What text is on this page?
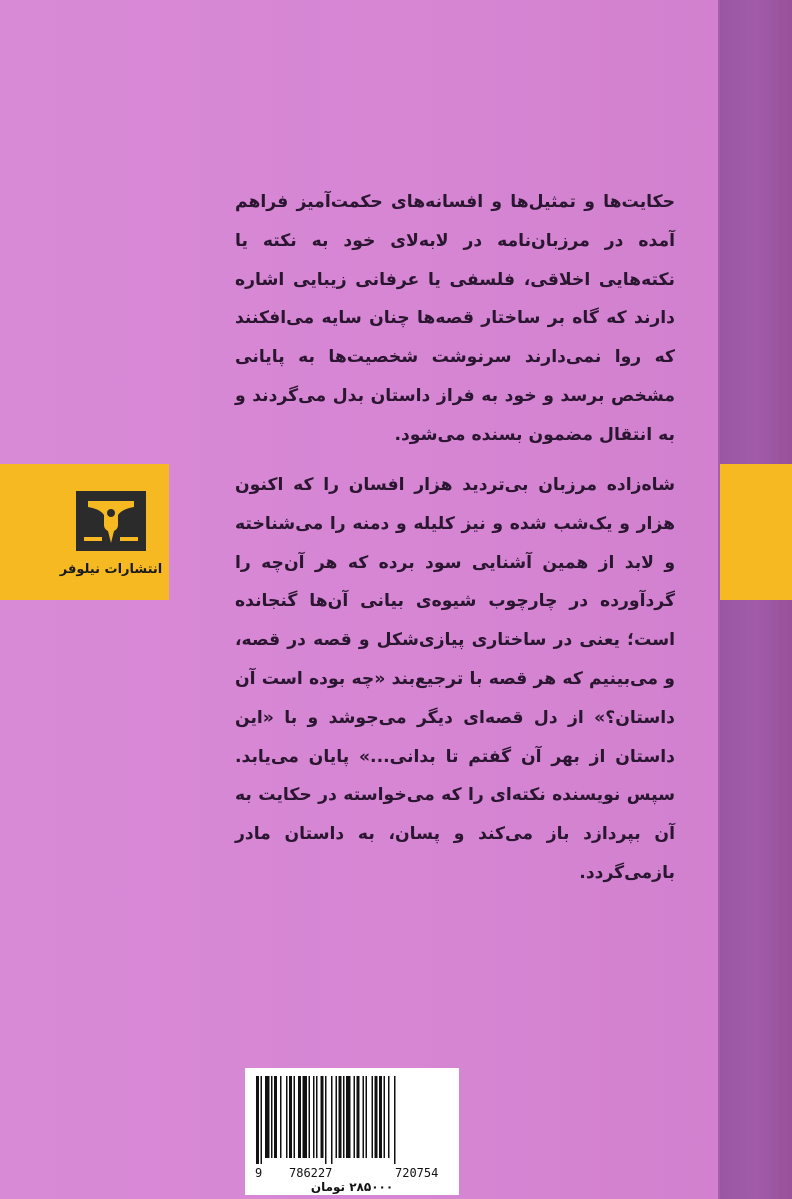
انتشارات نیلوفر
حکایت‌ها و تمثیل‌ها و افسانه‌های حکمت‌آمیز فراهم آمده در مرزبان‌نامه در لابه‌لای خود به نکته یا نکته‌هایی اخلاقی، فلسفی یا عرفانی زیبایی اشاره دارند که گاه بر ساختار قصه‌ها چنان سایه می‌افکنند که روا نمی‌دارند سرنوشت شخصیت‌ها به پایانی مشخص برسد و خود به فراز داستان بدل می‌گردند و به انتقال مضمون بسنده می‌شود.
شاه‌زاده مرزبان بی‌تردید هزار افسان را که اکنون هزار و یک‌شب شده و نیز کلیله و دمنه را می‌شناخته و لابد از همین آشنایی سود برده که هر آن‌چه را گردآورده در چارچوب شیوه‌ی بیانی آن‌ها گنجانده است؛ یعنی در ساختاری پیازی‌شکل و قصه در قصه، و می‌بینیم که هر قصه با ترجیع‌بند «چه بوده است آن داستان؟» از دل قصه‌ای دیگر می‌جوشد و با «این داستان از بهر آن گفتم تا بدانی...» پایان می‌یابد. سپس نویسنده نکته‌ای را که می‌خواسته در حکایت به آن بپردازد باز می‌کند و پسان، به داستان مادر بازمی‌گردد.
9 786227	720754
۲۸۵۰۰۰ تومان
